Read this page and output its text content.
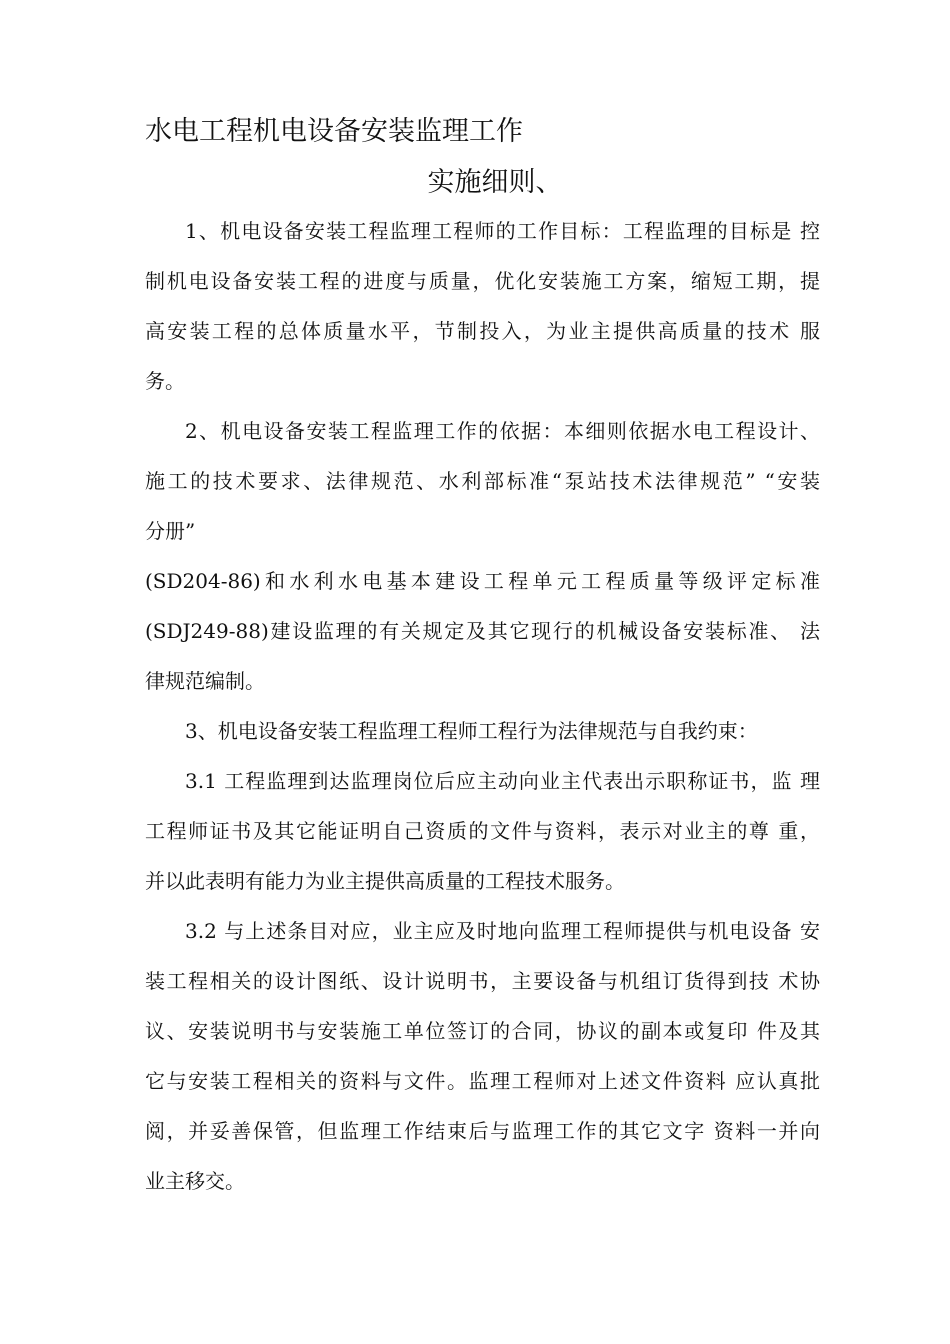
水电工程机电设备安装监理工作
实施细则、
1、机电设备安装工程监理工程师的工作目标：工程监理的目标是 控
制机电设备安装工程的进度与质量，优化安装施工方案，缩短工期，提
高安装工程的总体质量水平，节制投入，为业主提供高质量的技术 服
务。
2、机电设备安装工程监理工作的依据：本细则依据水电工程设计、
施工的技术要求、法律规范、水利部标准“泵站技术法律规范” “安装
分册”
(SD204-86)和水利水电基本建设工程单元工程质量等级评定标准
(SDJ249-88)建设监理的有关规定及其它现行的机械设备安装标准、 法
律规范编制。
3、机电设备安装工程监理工程师工程行为法律规范与自我约束：
3.1 工程监理到达监理岗位后应主动向业主代表出示职称证书，监 理
工程师证书及其它能证明自己资质的文件与资料，表示对业主的尊 重，
并以此表明有能力为业主提供高质量的工程技术服务。
3.2 与上述条目对应，业主应及时地向监理工程师提供与机电设备 安
装工程相关的设计图纸、设计说明书，主要设备与机组订货得到技 术协
议、安装说明书与安装施工单位签订的合同，协议的副本或复印 件及其
它与安装工程相关的资料与文件。监理工程师对上述文件资料 应认真批
阅，并妥善保管，但监理工作结束后与监理工作的其它文字 资料一并向
业主移交。
